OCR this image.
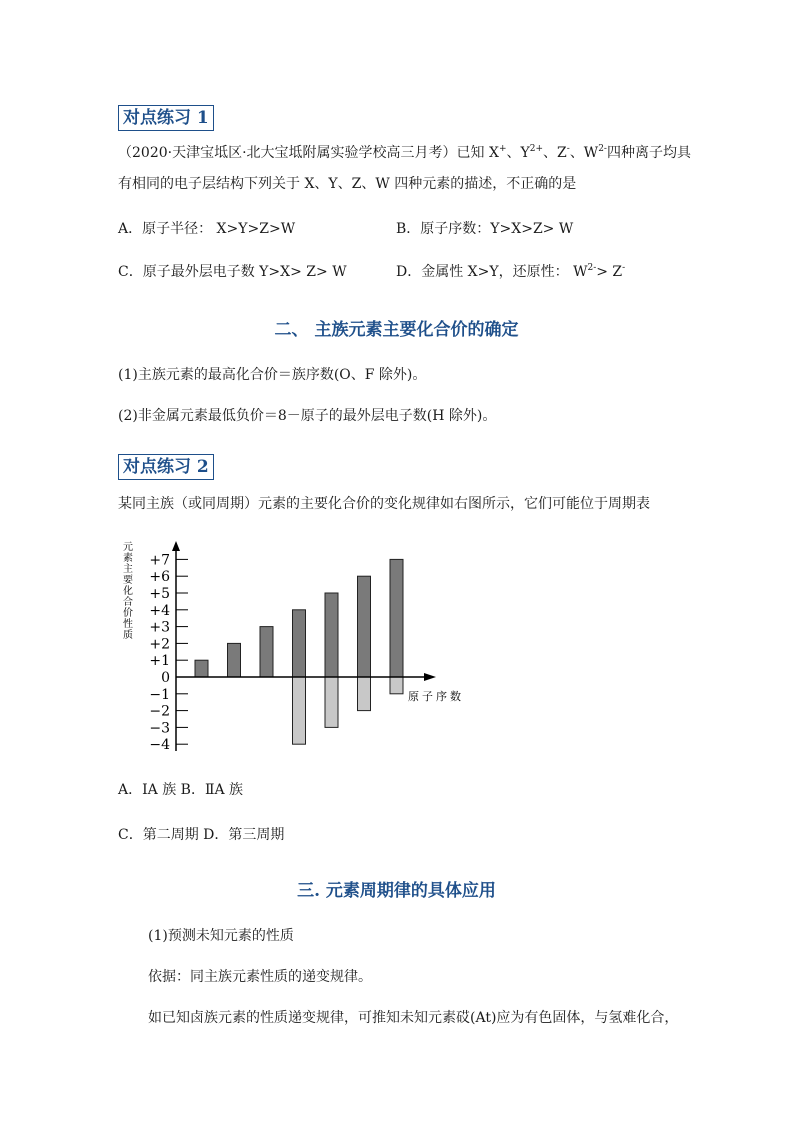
对点练习 1
（2020·天津宝坻区·北大宝坻附属实验学校高三月考）已知 X+、$Y^{2+}$、Z-、$W^{2-}$四种离子均具
有相同的电子层结构下列关于 X、Y、Z、W 四种元素的描述，不正确的是
A．原子半径： X>Y>Z>W	B．原子序数：Y>X>Z> W
C．原子最外层电子数 Y>X> Z> W	D．金属性 X>Y，还原性： $W^{2-}> Z^-$
二、 主族元素主要化合价的确定
(1)主族元素的最高化合价＝族序数(O、F 除外)。
(2)非金属元素最低负价＝8－原子的最外层电子数(H 除外)。
对点练习 2
某同主族（或同周期）元素的主要化合价的变化规律如右图所示，它们可能位于周期表
元
素
主
要
化
合
价
性
质
+7
+6
+5
+4
+3
+2
+1
0
−1
−2
−3
−4
原子序数
A．ⅠA 族 B．ⅡA 族
C．第二周期 D．第三周期
三. 元素周期律的具体应用
(1)预测未知元素的性质
依据：同主族元素性质的递变规律。
如已知卤族元素的性质递变规律，可推知未知元素砹(At)应为有色固体，与氢难化合，
